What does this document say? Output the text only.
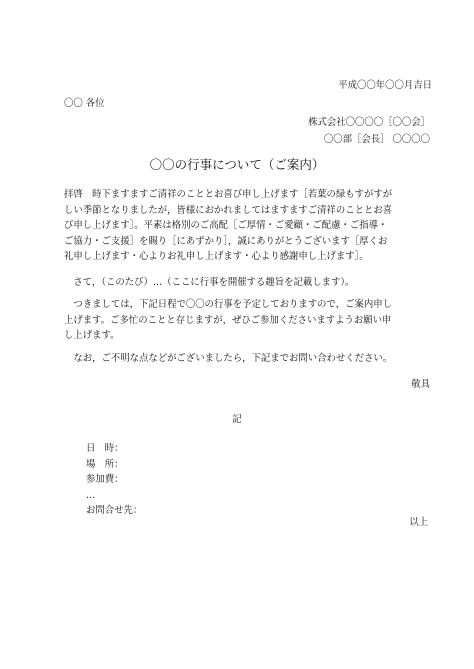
平成〇〇年〇〇月吉日
〇〇 各位
株式会社〇〇〇〇［〇〇会］
〇〇部［会長］ 〇〇〇〇
〇〇の行事について（ご案内）
拝啓　時下ますますご清祥のこととお喜び申し上げます［若葉の緑もすがすが
しい季節となりましたが，皆様におかれましてはますますご清祥のこととお喜
び申し上げます］。平素は格別のご高配［ご厚情・ご愛顧・ご配慮・ご指導・
ご協力・ご支援］を賜り［にあずかり］，誠にありがとうございます［厚くお
礼申し上げます・心よりお礼申し上げます・心より感謝申し上げます］。
　さて，（このたび）…（ここに行事を開催する趣旨を記載します）。
　つきましては，下記日程で〇〇の行事を予定しておりますので，ご案内申し
上げます。ご多忙のことと存じますが，ぜひご参加くださいますようお願い申
し上げます。
　なお，ご不明な点などがございましたら，下記までお問い合わせください。
敬具
記
日　時：
場　所：
参加費：
…
お問合せ先：
以上
